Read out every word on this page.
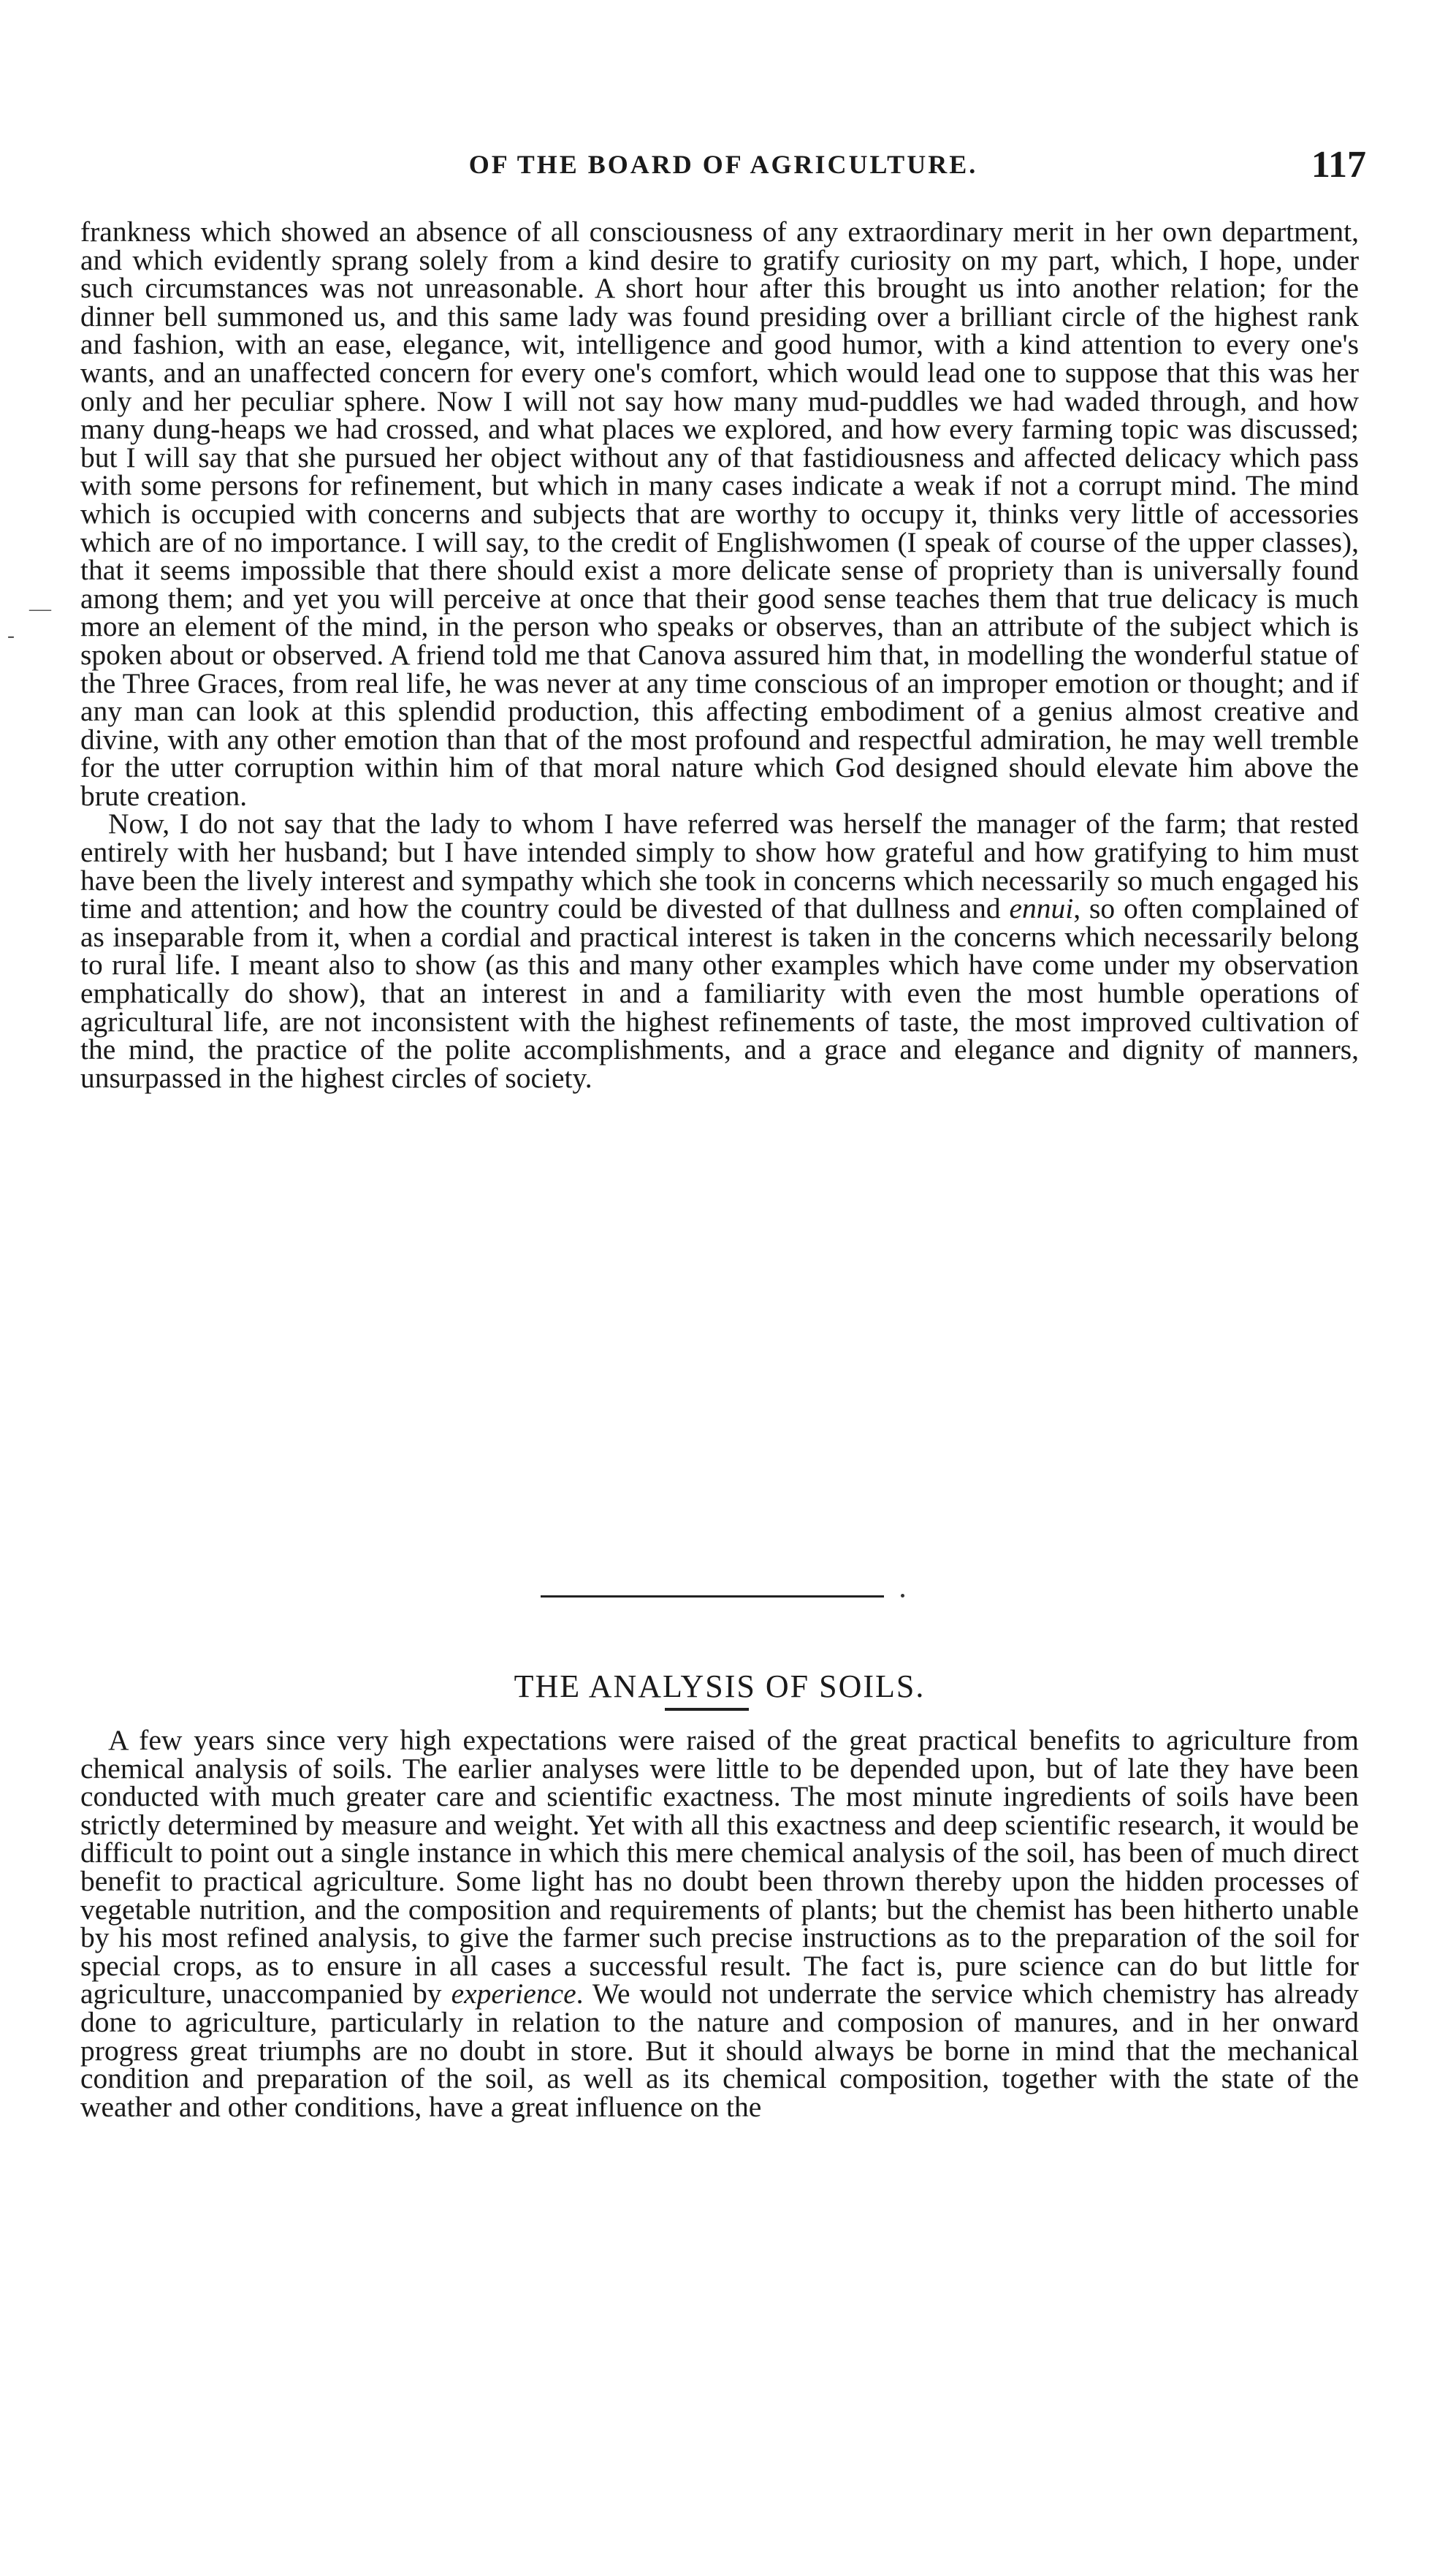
OF THE BOARD OF AGRICULTURE.	117
—
-

frankness which showed an absence of all consciousness of any extraordinary merit in her own department, and which evidently sprang solely from a kind desire to gratify curiosity on my part, which, I hope, under such circumstances was not unreasonable. A short hour after this brought us into another relation; for the dinner bell summoned us, and this same lady was found presiding over a brilliant circle of the highest rank and fashion, with an ease, elegance, wit, intelligence and good humor, with a kind attention to every one's wants, and an unaffected concern for every one's comfort, which would lead one to suppose that this was her only and her peculiar sphere. Now I will not say how many mud-puddles we had waded through, and how many dung-heaps we had crossed, and what places we explored, and how every farming topic was discussed; but I will say that she pursued her object without any of that fastidiousness and affected delicacy which pass with some persons for refinement, but which in many cases indicate a weak if not a corrupt mind. The mind which is occupied with concerns and subjects that are worthy to occupy it, thinks very little of accessories which are of no importance. I will say, to the credit of Englishwomen (I speak of course of the upper classes), that it seems impossible that there should exist a more delicate sense of propriety than is universally found among them; and yet you will perceive at once that their good sense teaches them that true delicacy is much more an element of the mind, in the person who speaks or observes, than an attribute of the subject which is spoken about or observed. A friend told me that Canova assured him that, in modelling the wonderful statue of the Three Graces, from real life, he was never at any time conscious of an improper emotion or thought; and if any man can look at this splendid production, this affecting embodiment of a genius almost creative and divine, with any other emotion than that of the most profound and respectful admiration, he may well tremble for the utter corruption within him of that moral nature which God designed should elevate him above the brute creation.

Now, I do not say that the lady to whom I have referred was herself the manager of the farm; that rested entirely with her husband; but I have intended simply to show how grateful and how gratifying to him must have been the lively interest and sympathy which she took in concerns which necessarily so much engaged his time and attention; and how the country could be divested of that dullness and ennui, so often complained of as inseparable from it, when a cordial and practical interest is taken in the concerns which necessarily belong to rural life. I meant also to show (as this and many other examples which have come under my observation emphatically do show), that an interest in and a familiarity with even the most humble operations of agricultural life, are not inconsistent with the highest refinements of taste, the most improved cultivation of the mind, the practice of the polite accomplishments, and a grace and elegance and dignity of manners, unsurpassed in the highest circles of society.

THE ANALYSIS OF SOILS.

A few years since very high expectations were raised of the great practical benefits to agriculture from chemical analysis of soils. The earlier analyses were little to be depended upon, but of late they have been conducted with much greater care and scientific exactness. The most minute ingredients of soils have been strictly determined by measure and weight. Yet with all this exactness and deep scientific research, it would be difficult to point out a single instance in which this mere chemical analysis of the soil, has been of much direct benefit to practical agriculture. Some light has no doubt been thrown thereby upon the hidden processes of vegetable nutrition, and the composition and requirements of plants; but the chemist has been hitherto unable by his most refined analysis, to give the farmer such precise instructions as to the preparation of the soil for special crops, as to ensure in all cases a successful result. The fact is, pure science can do but little for agriculture, unaccompanied by experience. We would not underrate the service which chemistry has already done to agriculture, particularly in relation to the nature and composion of manures, and in her onward progress great triumphs are no doubt in store. But it should always be borne in mind that the mechanical condition and preparation of the soil, as well as its chemical composition, together with the state of the weather and other conditions, have a great influence on the
